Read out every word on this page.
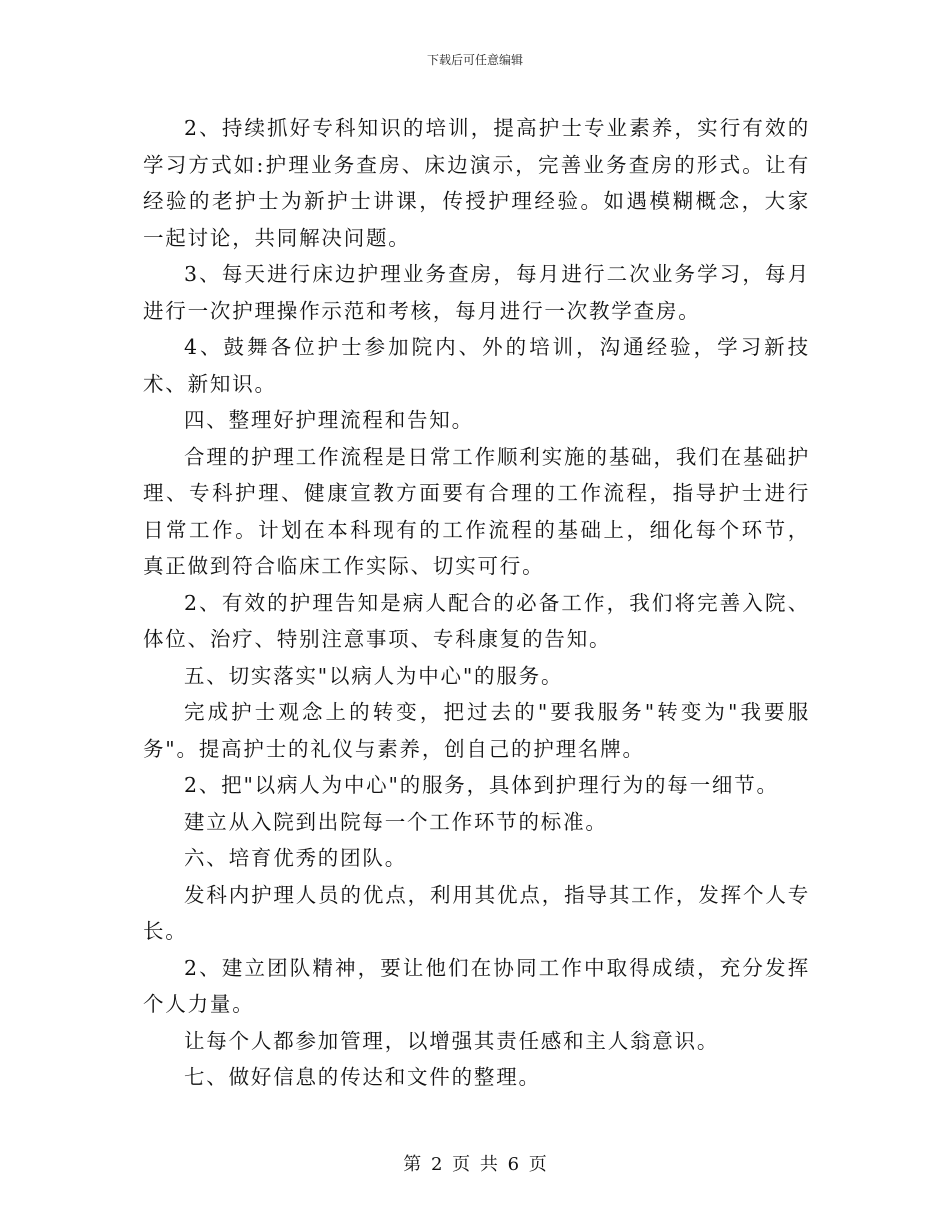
下载后可任意编辑

2、持续抓好专科知识的培训，提高护士专业素养，实行有效的学习方式如:护理业务查房、床边演示，完善业务查房的形式。让有经验的老护士为新护士讲课，传授护理经验。如遇模糊概念，大家一起讨论，共同解决问题。

3、每天进行床边护理业务查房，每月进行二次业务学习，每月进行一次护理操作示范和考核，每月进行一次教学查房。

4、鼓舞各位护士参加院内、外的培训，沟通经验，学习新技术、新知识。

四、整理好护理流程和告知。

合理的护理工作流程是日常工作顺利实施的基础，我们在基础护理、专科护理、健康宣教方面要有合理的工作流程，指导护士进行日常工作。计划在本科现有的工作流程的基础上，细化每个环节，真正做到符合临床工作实际、切实可行。

2、有效的护理告知是病人配合的必备工作，我们将完善入院、体位、治疗、特别注意事项、专科康复的告知。

五、切实落实"以病人为中心"的服务。

完成护士观念上的转变，把过去的"要我服务"转变为"我要服务"。提高护士的礼仪与素养，创自己的护理名牌。

2、把"以病人为中心"的服务，具体到护理行为的每一细节。

建立从入院到出院每一个工作环节的标准。

六、培育优秀的团队。

发科内护理人员的优点，利用其优点，指导其工作，发挥个人专长。

2、建立团队精神，要让他们在协同工作中取得成绩，充分发挥个人力量。

让每个人都参加管理，以增强其责任感和主人翁意识。

七、做好信息的传达和文件的整理。

第 2 页 共 6 页
